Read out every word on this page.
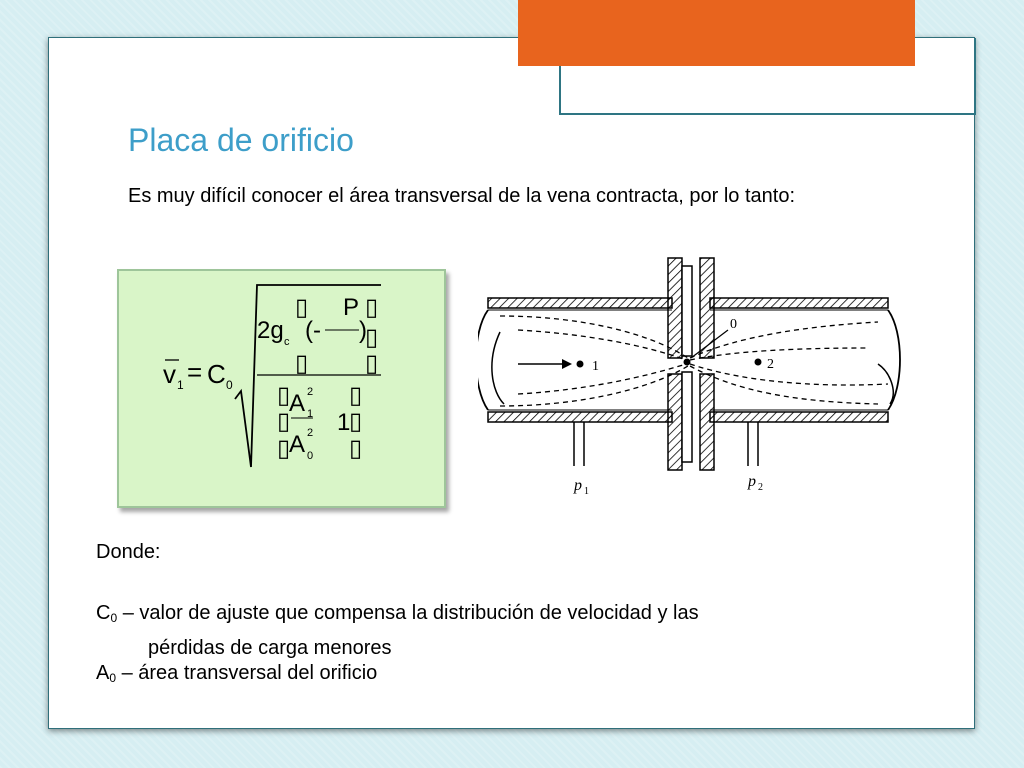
Placa de orificio

Es muy difícil conocer el área transversal de la vena contracta, por lo tanto:

▯ ▯
▯
▯ ▯
▯ ▯
▯ ▯
▯ ▯
v 1 = C 0
P
2g c (- )
A 2
1 1
A 2
0
1
0
2
p 1
p 2

Donde:

$C_0$ – valor de ajuste que compensa la distribución de velocidad y las
pérdidas de carga menores

$A_0$ – área transversal del orificio
